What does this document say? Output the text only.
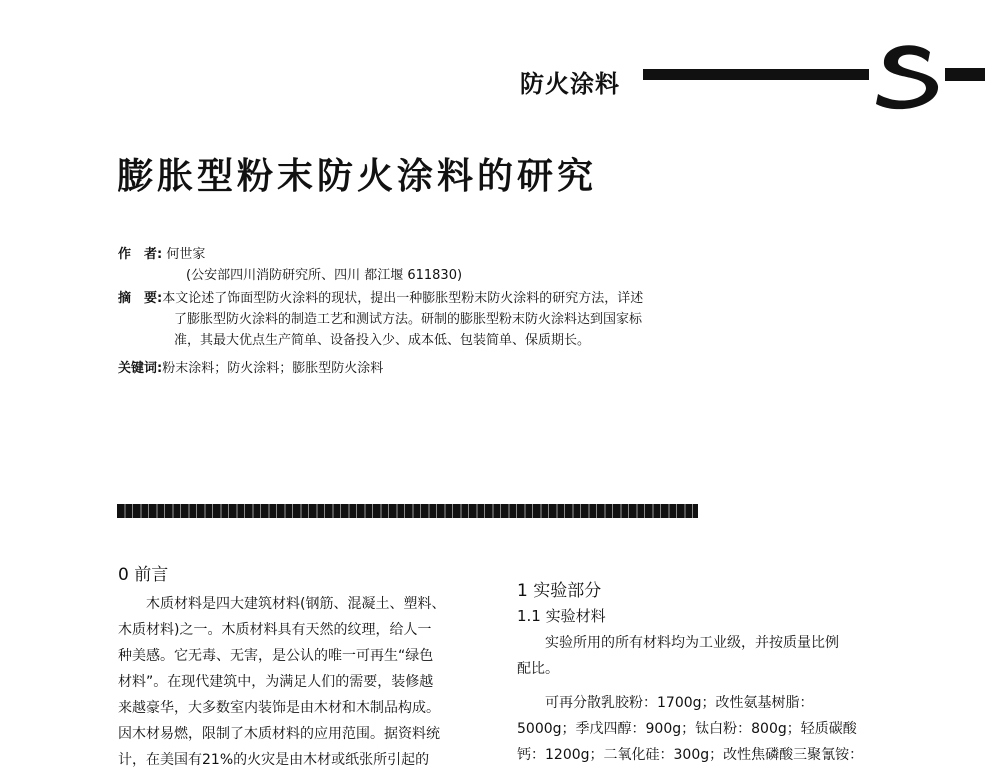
防火涂料
膨胀型粉末防火涂料的研究
作　者: 何世家
(公安部四川消防研究所、四川 都江堰 611830)
摘　要:本文论述了饰面型防火涂料的现状，提出一种膨胀型粉末防火涂料的研究方法，详述
了膨胀型防火涂料的制造工艺和测试方法。研制的膨胀型粉末防火涂料达到国家标
准，其最大优点生产简单、设备投入少、成本低、包装简单、保质期长。
关键词:粉末涂料；防火涂料；膨胀型防火涂料
0 前言

木质材料是四大建筑材料(钢筋、混凝土、塑料、

木质材料)之一。木质材料具有天然的纹理，给人一

种美感。它无毒、无害，是公认的唯一可再生“绿色

材料”。在现代建筑中，为满足人们的需要，装修越

来越豪华，大多数室内装饰是由木材和木制品构成。

因木材易燃，限制了木质材料的应用范围。据资料统

计，在美国有21%的火灾是由木材或纸张所引起的

1 实验部分
1.1 实验材料

实验所用的所有材料均为工业级，并按质量比例

配比。

可再分散乳胶粉：1700g；改性氨基树脂：

5000g；季戊四醇：900g；钛白粉：800g；轻质碳酸

钙：1200g；二氧化硅：300g；改性焦磷酸三聚氰铵：
